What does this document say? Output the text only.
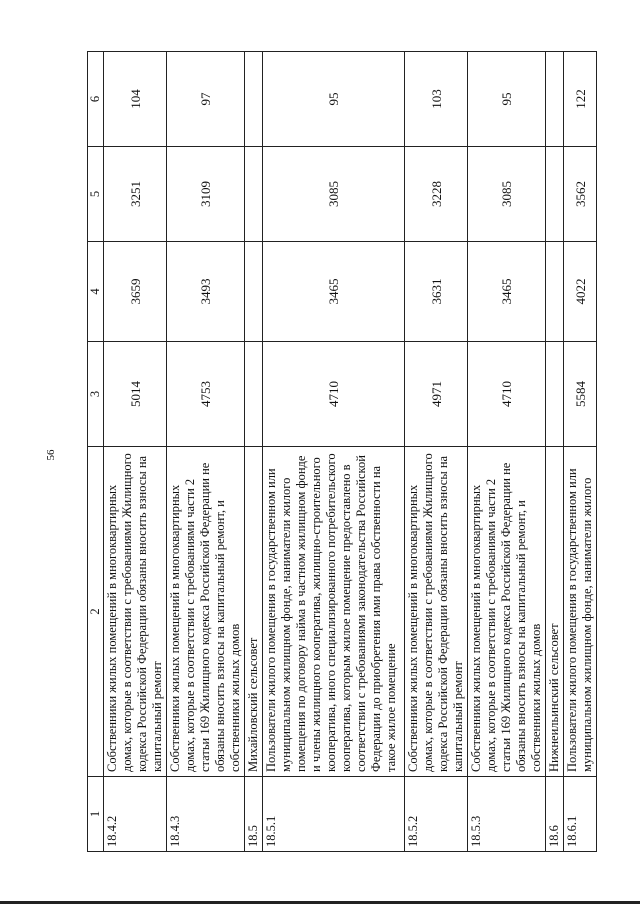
56
1	2	3	4	5	6
18.4.2	Собственники жилых помещений в многоквартирных домах, которые в соответствии с требованиями Жилищного кодекса Российской Федерации обязаны вносить взносы на капитальный ремонт	5014	3659	3251	104
18.4.3	Собственники жилых помещений в многоквартирных домах, которые в соответствии с требованиями части 2 статьи 169 Жилищного кодекса Российской Федерации не обязаны вносить взносы на капитальный ремонт, и собственники жилых домов	4753	3493	3109	97
18.5	Михайловский сельсовет				
18.5.1	Пользователи жилого помещения в государственном или муниципальном жилищном фонде, наниматели жилого помещения по договору найма в частном жилищном фонде и члены жилищного кооператива, жилищно-строительного кооператива, иного специализированного потребительского кооператива, которым жилое помещение предоставлено в соответствии с требованиями законодательства Российской Федерации до приобретения ими права собственности на такое жилое помещение	4710	3465	3085	95
18.5.2	Собственники жилых помещений в многоквартирных домах, которые в соответствии с требованиями Жилищного кодекса Российской Федерации обязаны вносить взносы на капитальный ремонт	4971	3631	3228	103
18.5.3	Собственники жилых помещений в многоквартирных домах, которые в соответствии с требованиями части 2 статьи 169 Жилищного кодекса Российской Федерации не обязаны вносить взносы на капитальный ремонт, и собственники жилых домов	4710	3465	3085	95
18.6	Нижнеильинский сельсовет				
18.6.1	Пользователи жилого помещения в государственном или муниципальном жилищном фонде, наниматели жилого	5584	4022	3562	122
